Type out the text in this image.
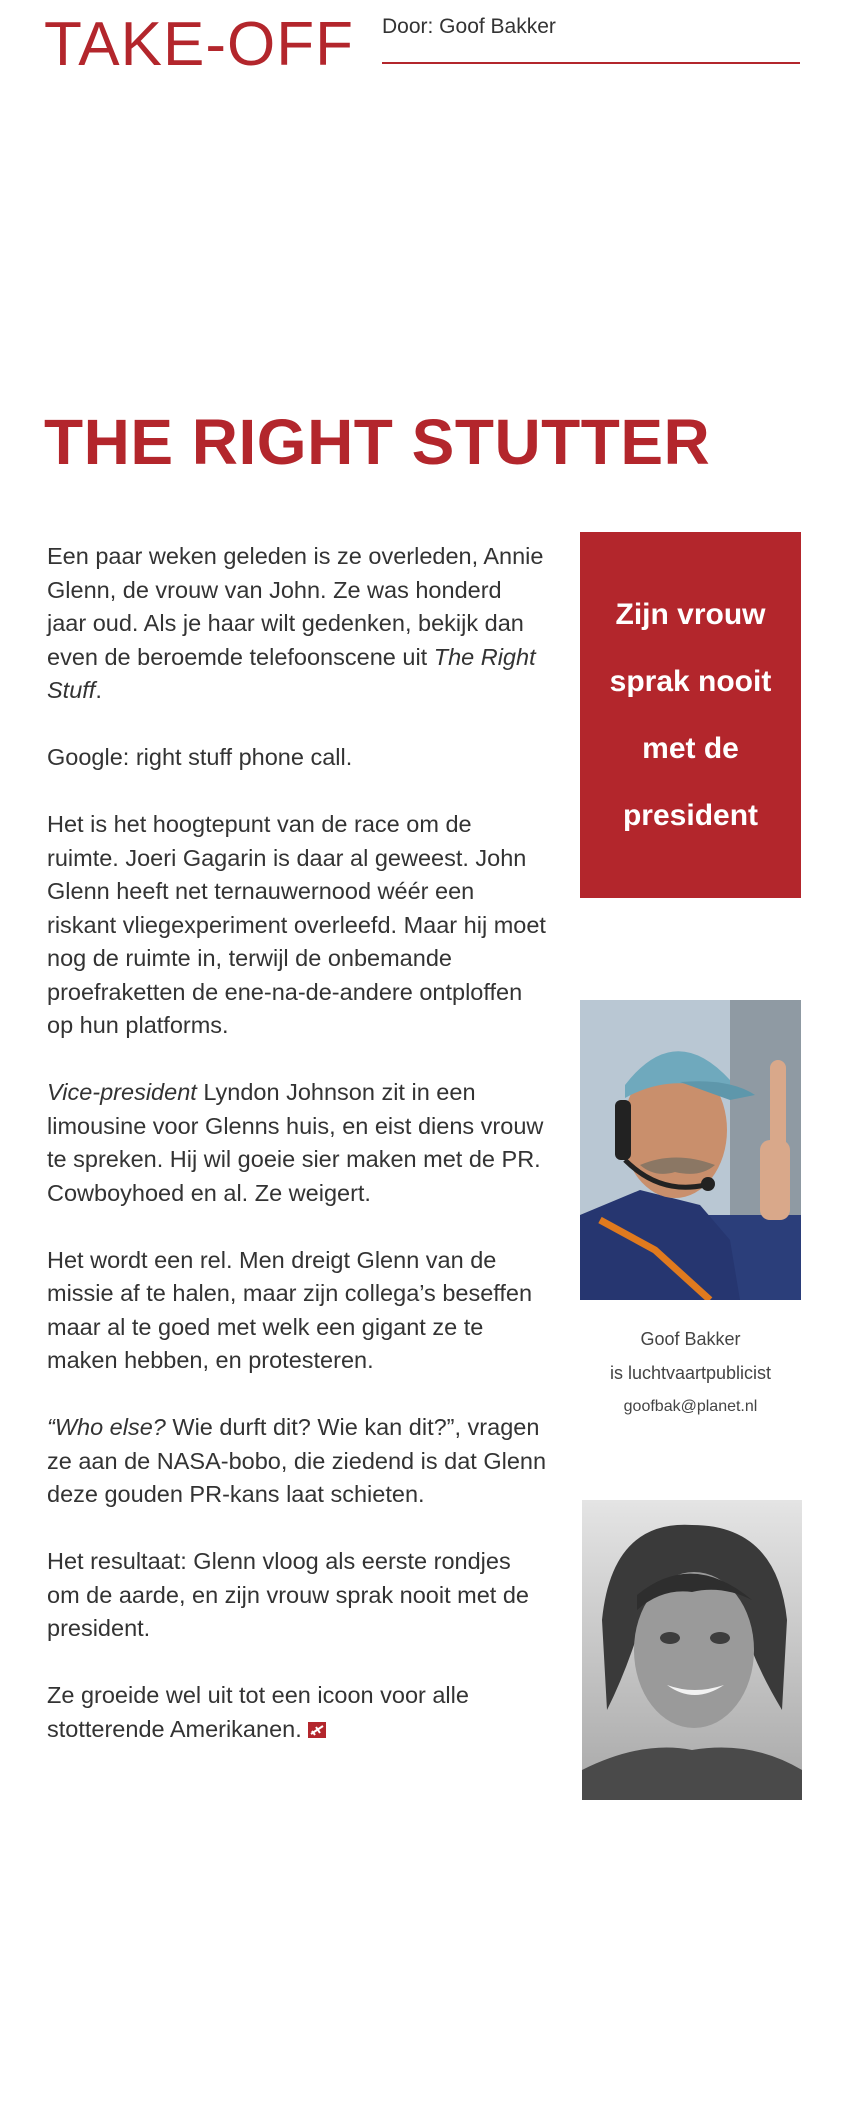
TAKE-OFF Door: Goof Bakker
THE RIGHT STUTTER

Een paar weken geleden is ze overleden, Annie Glenn, de vrouw van John. Ze was honderd jaar oud. Als je haar wilt gedenken, bekijk dan even de beroemde telefoonscene uit The Right Stuff.

Google: right stuff phone call.

Het is het hoogtepunt van de race om de ruimte. Joeri Gagarin is daar al geweest. John Glenn heeft net ternauwernood wéér een riskant vliegexperiment overleefd. Maar hij moet nog de ruimte in, terwijl de onbemande proefraketten de ene-na-de-andere ontploffen op hun platforms.

Vice-president Lyndon Johnson zit in een limousine voor Glenns huis, en eist diens vrouw te spreken. Hij wil goeie sier maken met de PR. Cowboyhoed en al. Ze weigert.

Het wordt een rel. Men dreigt Glenn van de missie af te halen, maar zijn collega’s beseffen maar al te goed met welk een gigant ze te maken hebben, en protesteren.

“Who else? Wie durft dit? Wie kan dit?”, vragen ze aan de NASA-bobo, die ziedend is dat Glenn deze gouden PR-kans laat schieten.

Het resultaat: Glenn vloog als eerste rondjes om de aarde, en zijn vrouw sprak nooit met de president.

Ze groeide wel uit tot een icoon voor alle stotterende Amerikanen.

Zijn vrouw sprak nooit met de president
Goof Bakker
is luchtvaartpublicist
goofbak@planet.nl
